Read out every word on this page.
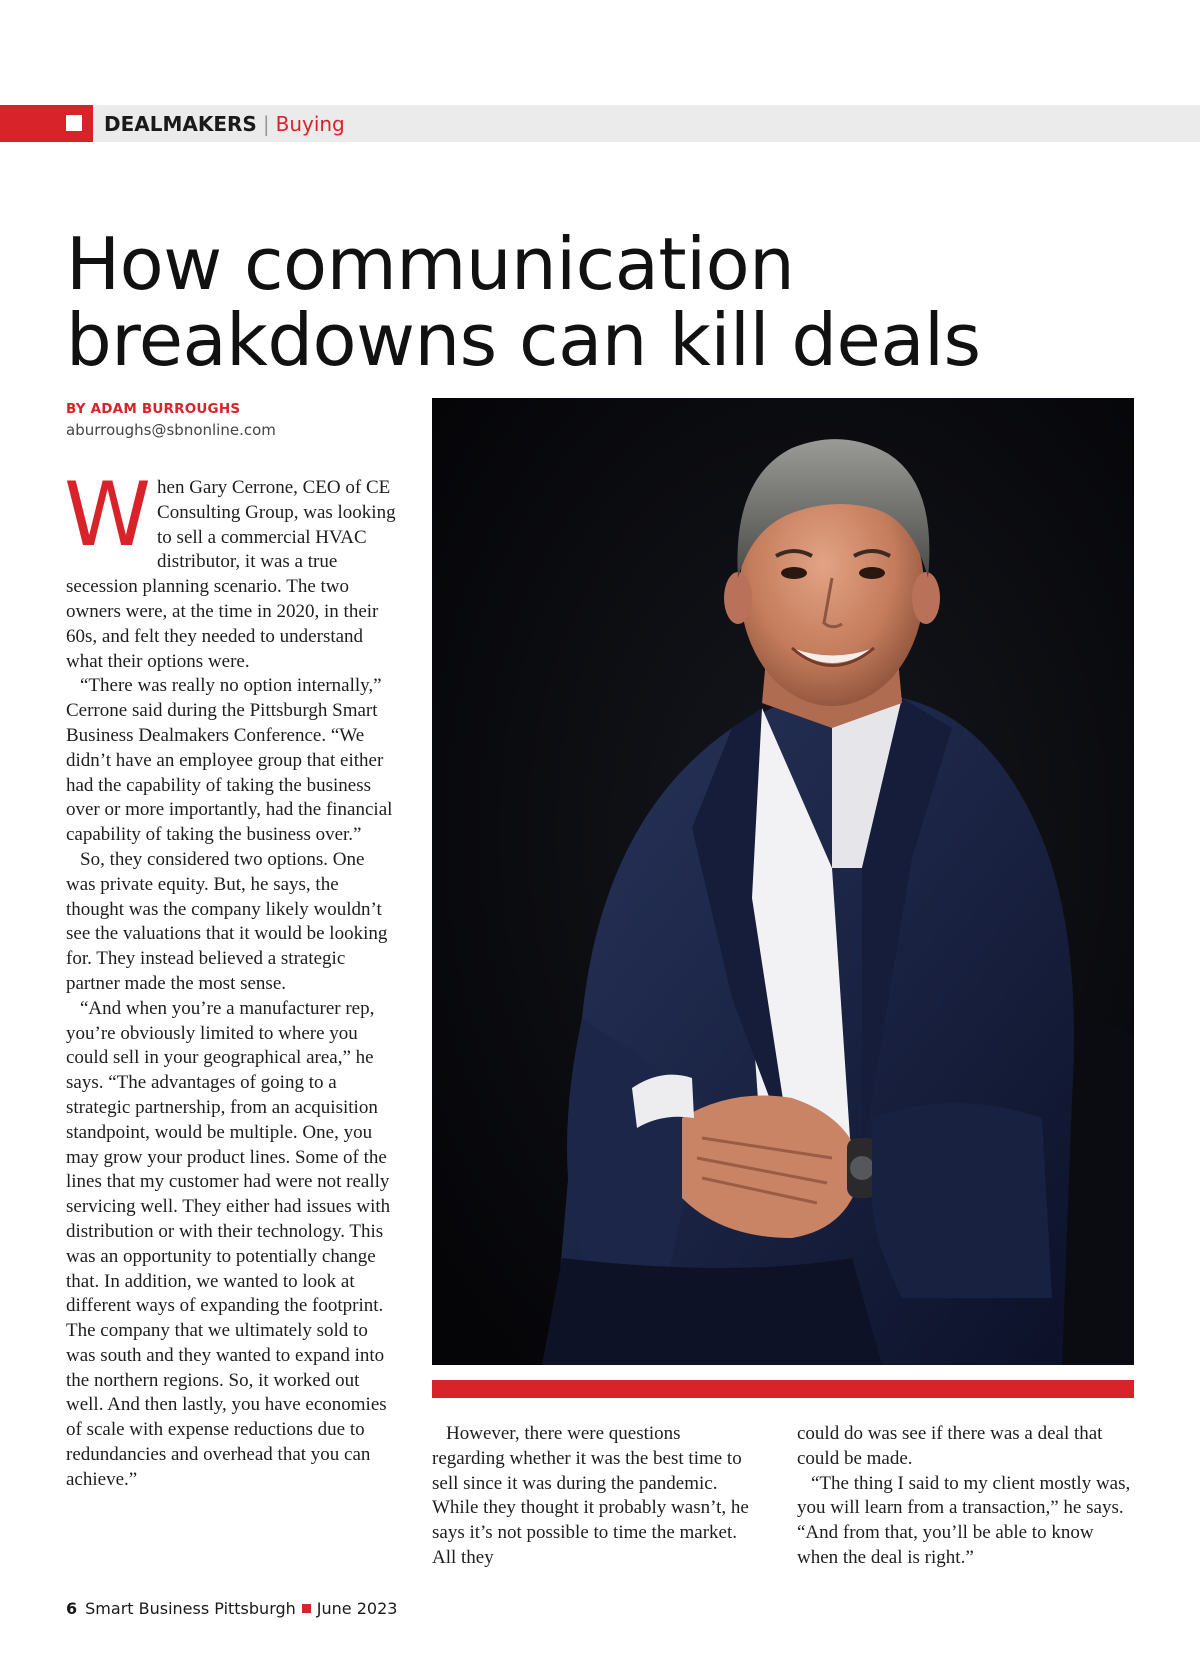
DEALMAKERS | Buying
How communication
breakdowns can kill deals
BY ADAM BURROUGHS
aburroughs@sbnonline.com

When Gary Cerrone, CEO of CE Consulting Group, was looking to sell a commercial HVAC distributor, it was a true secession planning scenario. The two owners were, at the time in 2020, in their 60s, and felt they needed to understand what their options were.

“There was really no option internally,” Cerrone said during the Pittsburgh Smart Business Dealmakers Conference. “We didn’t have an employee group that either had the capability of taking the business over or more importantly, had the financial capability of taking the business over.”

So, they considered two options. One was private equity. But, he says, the thought was the company likely wouldn’t see the valuations that it would be looking for. They instead believed a strategic partner made the most sense.

“And when you’re a manufacturer rep, you’re obviously limited to where you could sell in your geographical area,” he says. “The advantages of going to a strategic partnership, from an acquisition standpoint, would be multiple. One, you may grow your product lines. Some of the lines that my customer had were not really servicing well. They either had issues with distribution or with their technology. This was an opportunity to potentially change that. In addition, we wanted to look at different ways of expanding the footprint. The company that we ultimately sold to was south and they wanted to expand into the northern regions. So, it worked out well. And then lastly, you have economies of scale with expense reductions due to redundancies and overhead that you can achieve.”

However, there were questions regarding whether it was the best time to sell since it was during the pandemic. While they thought it probably wasn’t, he says it’s not possible to time the market. All they

could do was see if there was a deal that could be made.

“The thing I said to my client mostly was, you will learn from a transaction,” he says. “And from that, you’ll be able to know when the deal is right.”

6 Smart Business Pittsburgh June 2023
